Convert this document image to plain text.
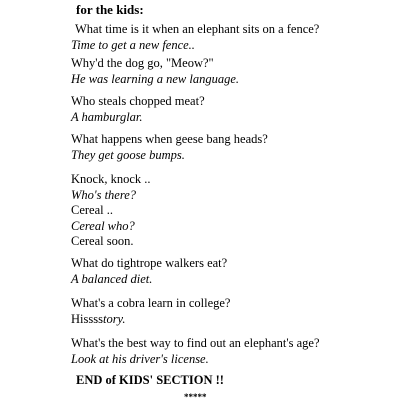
for the kids:
What time is it when an elephant sits on a fence?
Time to get a new fence..
Why'd the dog go, "Meow?"
He was learning a new language.
Who steals chopped meat?
A hamburglar.
What happens when geese bang heads?
They get goose bumps.
Knock, knock ..
Who's there?
Cereal ..
Cereal who?
Cereal soon.
What do tightrope walkers eat?
A balanced diet.
What's a cobra learn in college?
Hisssstory.
What's the best way to find out an elephant's age?
Look at his driver's license.
END of KIDS' SECTION !!
*****
